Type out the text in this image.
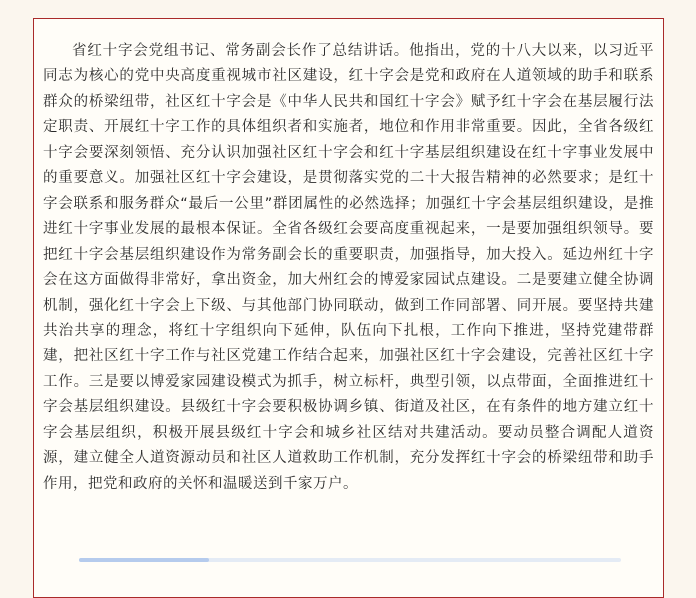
省红十字会党组书记、常务副会长作了总结讲话。他指出，党的十八大以来，以习近平同志为核心的党中央高度重视城市社区建设，红十字会是党和政府在人道领域的助手和联系群众的桥梁纽带，社区红十字会是《中华人民共和国红十字会》赋予红十字会在基层履行法定职责、开展红十字工作的具体组织者和实施者，地位和作用非常重要。因此，全省各级红十字会要深刻领悟、充分认识加强社区红十字会和红十字基层组织建设在红十字事业发展中的重要意义。加强社区红十字会建设，是贯彻落实党的二十大报告精神的必然要求；是红十字会联系和服务群众“最后一公里”群团属性的必然选择；加强红十字会基层组织建设，是推进红十字事业发展的最根本保证。全省各级红会要高度重视起来，一是要加强组织领导。要把红十字会基层组织建设作为常务副会长的重要职责，加强指导，加大投入。延边州红十字会在这方面做得非常好，拿出资金，加大州红会的博爱家园试点建设。二是要建立健全协调机制，强化红十字会上下级、与其他部门协同联动，做到工作同部署、同开展。要坚持共建共治共享的理念，将红十字组织向下延伸，队伍向下扎根，工作向下推进，坚持党建带群建，把社区红十字工作与社区党建工作结合起来，加强社区红十字会建设，完善社区红十字工作。三是要以博爱家园建设模式为抓手，树立标杆，典型引领，以点带面，全面推进红十字会基层组织建设。县级红十字会要积极协调乡镇、街道及社区，在有条件的地方建立红十字会基层组织，积极开展县级红十字会和城乡社区结对共建活动。要动员整合调配人道资源，建立健全人道资源动员和社区人道救助工作机制，充分发挥红十字会的桥梁纽带和助手作用，把党和政府的关怀和温暖送到千家万户。
